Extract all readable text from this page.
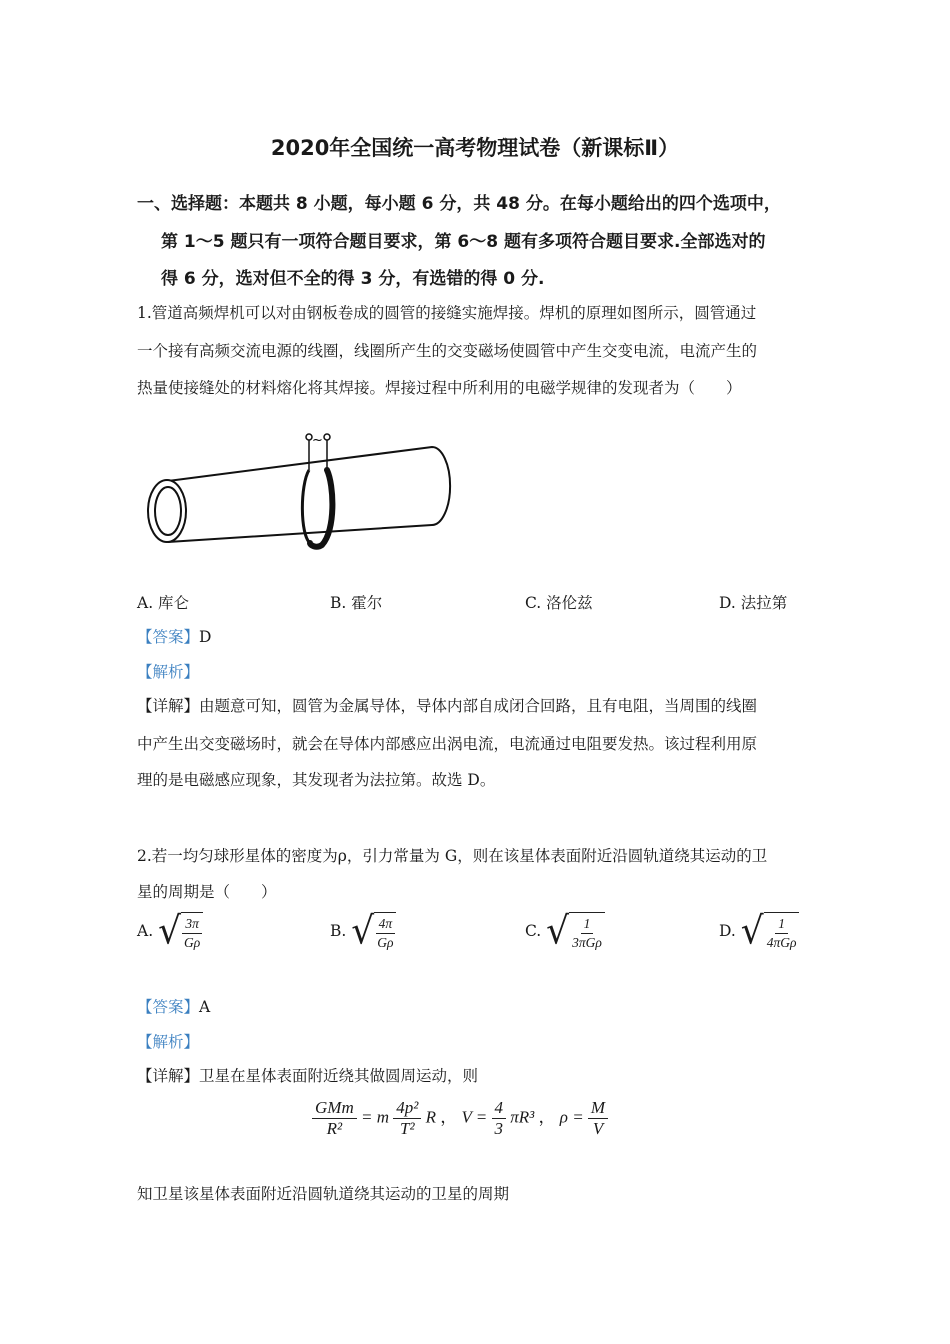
2020年全国统一高考物理试卷（新课标Ⅱ）
一、选择题：本题共 8 小题，每小题 6 分，共 48 分。在每小题给出的四个选项中，
第 1～5 题只有一项符合题目要求，第 6～8 题有多项符合题目要求.全部选对的
得 6 分，选对但不全的得 3 分，有选错的得 0 分.
1.管道高频焊机可以对由钢板卷成的圆管的接缝实施焊接。焊机的原理如图所示，圆管通过
一个接有高频交流电源的线圈，线圈所产生的交变磁场使圆管中产生交变电流，电流产生的
热量使接缝处的材料熔化将其焊接。焊接过程中所利用的电磁学规律的发现者为（　　）
~
A. 库仑	B. 霍尔	C. 洛伦兹	D. 法拉第
【答案】D
【解析】
【详解】由题意可知，圆管为金属导体，导体内部自成闭合回路，且有电阻，当周围的线圈
中产生出交变磁场时，就会在导体内部感应出涡电流，电流通过电阻要发热。该过程利用原
理的是电磁感应现象，其发现者为法拉第。故选 D。
2.若一均匀球形星体的密度为ρ，引力常量为 G，则在该星体表面附近沿圆轨道绕其运动的卫
星的周期是（　　）
A. √ $\frac{3\pi}{G\rho}$	B. √ $\frac{4\pi}{G\rho}$	C. √ $\frac{1}{\text{3πGρ}}$	D. √ $\frac{1}{\text{4πGρ}}$
【答案】A
【解析】
【详解】卫星在星体表面附近绕其做圆周运动，则
$\frac{\text{GMm}}{\text{R²}} = m \frac{\text{4p²}}{\text{T²}}$ R ， $V = \frac{4}{3} \pi R^3$ ， $\rho = \frac{M}{V}$
知卫星该星体表面附近沿圆轨道绕其运动的卫星的周期
